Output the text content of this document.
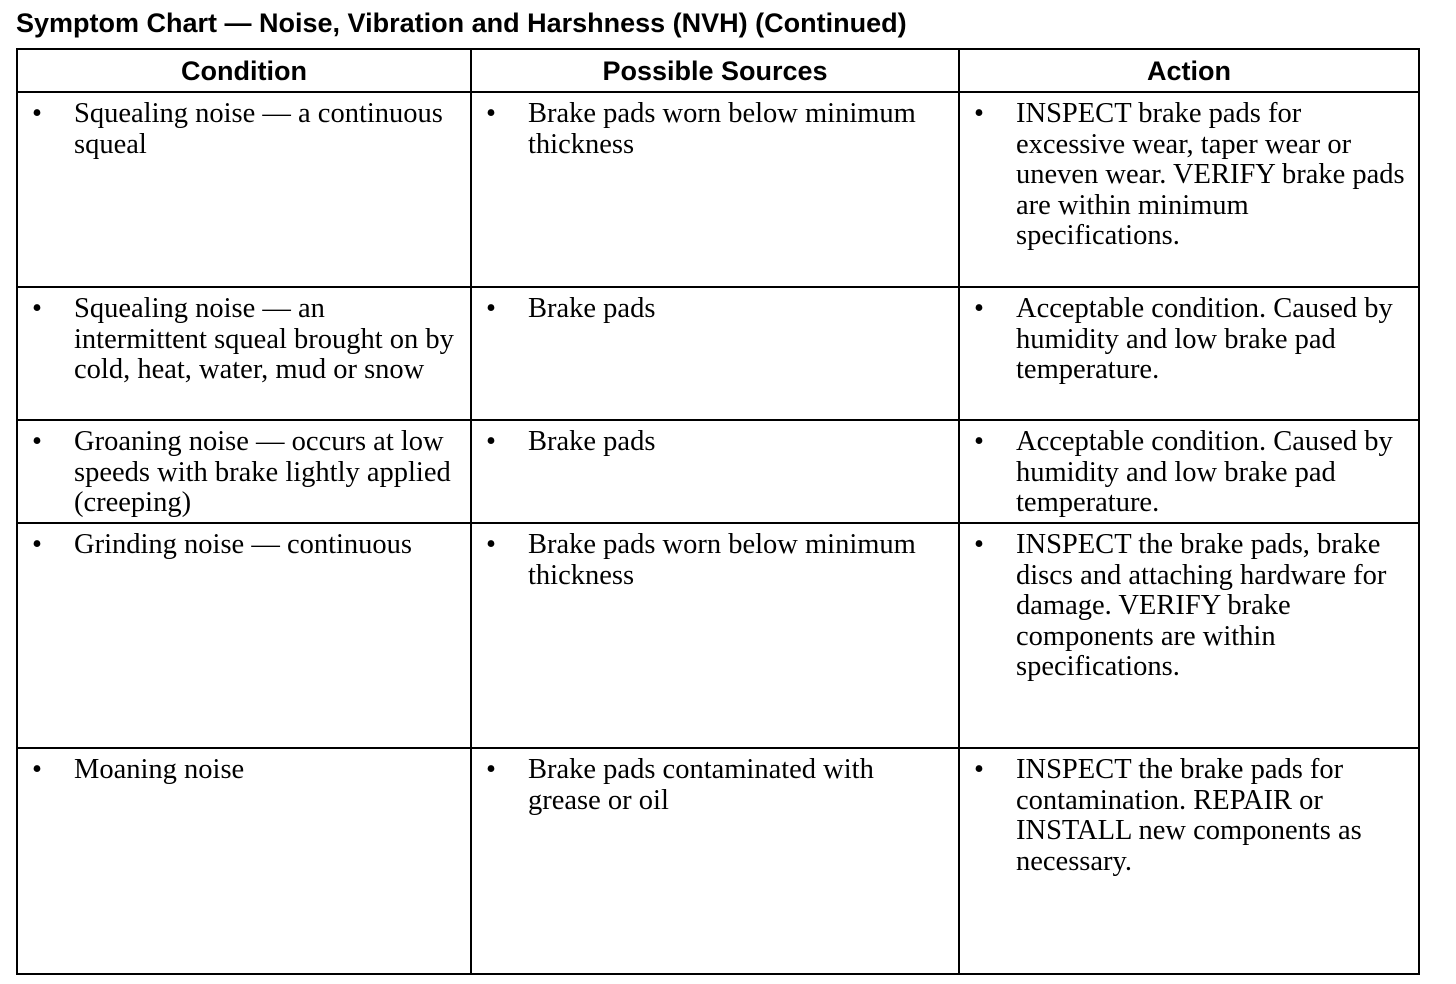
Symptom Chart — Noise, Vibration and Harshness (NVH) (Continued)
Condition	Possible Sources	Action

• Squealing noise — a continuous squeal	• Brake pads worn below minimum thickness	• INSPECT brake pads for excessive wear, taper wear or uneven wear. VERIFY brake pads are within minimum specifications.

• Squealing noise — an intermittent squeal brought on by cold, heat, water, mud or snow	• Brake pads	• Acceptable condition. Caused by humidity and low brake pad temperature.

• Groaning noise — occurs at low speeds with brake lightly applied (creeping)	• Brake pads	• Acceptable condition. Caused by humidity and low brake pad temperature.

• Grinding noise — continuous	• Brake pads worn below minimum thickness	• INSPECT the brake pads, brake discs and attaching hardware for damage. VERIFY brake components are within specifications.

• Moaning noise	• Brake pads contaminated with grease or oil	• INSPECT the brake pads for contamination. REPAIR or INSTALL new components as necessary.
